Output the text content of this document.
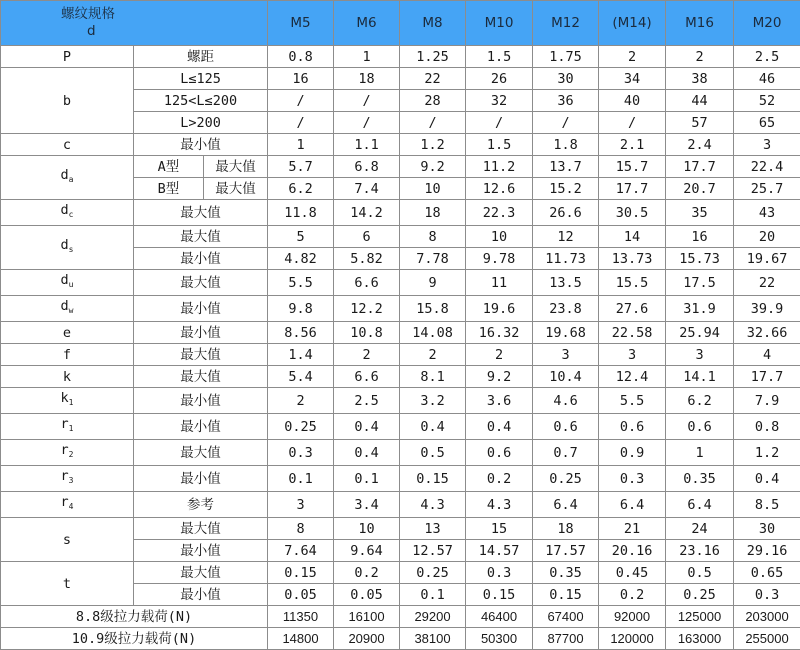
螺纹规格
d			M5	M6	M8	M10	M12	(M14)	M16	M20
P	螺距		0.8	1	1.25	1.5	1.75	2	2	2.5
b	L≤125		16	18	22	26	30	34	38	46
	125<L≤200		/	/	28	32	36	40	44	52
	L>200		/	/	/	/	/	/	57	65
c	最小值		1	1.1	1.2	1.5	1.8	2.1	2.4	3
$d_a$	A型	最大值	5.7	6.8	9.2	11.2	13.7	15.7	17.7	22.4
	B型	最大值	6.2	7.4	10	12.6	15.2	17.7	20.7	25.7
$d_c$	最大值		11.8	14.2	18	22.3	26.6	30.5	35	43
$d_s$	最大值		5	6	8	10	12	14	16	20
	最小值		4.82	5.82	7.78	9.78	11.73	13.73	15.73	19.67
$d_u$	最大值		5.5	6.6	9	11	13.5	15.5	17.5	22
$d_w$	最小值		9.8	12.2	15.8	19.6	23.8	27.6	31.9	39.9
e	最小值		8.56	10.8	14.08	16.32	19.68	22.58	25.94	32.66
f	最大值		1.4	2	2	2	3	3	3	4
k	最大值		5.4	6.6	8.1	9.2	10.4	12.4	14.1	17.7
$k_1$	最小值		2	2.5	3.2	3.6	4.6	5.5	6.2	7.9
$r_1$	最小值		0.25	0.4	0.4	0.4	0.6	0.6	0.6	0.8
$r_2$	最大值		0.3	0.4	0.5	0.6	0.7	0.9	1	1.2
$r_3$	最小值		0.1	0.1	0.15	0.2	0.25	0.3	0.35	0.4
$r_4$	参考		3	3.4	4.3	4.3	6.4	6.4	6.4	8.5
s	最大值		8	10	13	15	18	21	24	30
	最小值		7.64	9.64	12.57	14.57	17.57	20.16	23.16	29.16
t	最大值		0.15	0.2	0.25	0.3	0.35	0.45	0.5	0.65
	最小值		0.05	0.05	0.1	0.15	0.15	0.2	0.25	0.3
8.8级拉力载荷(N)			11350	16100	29200	46400	67400	92000	125000	203000
10.9级拉力载荷(N)			14800	20900	38100	50300	87700	120000	163000	255000
